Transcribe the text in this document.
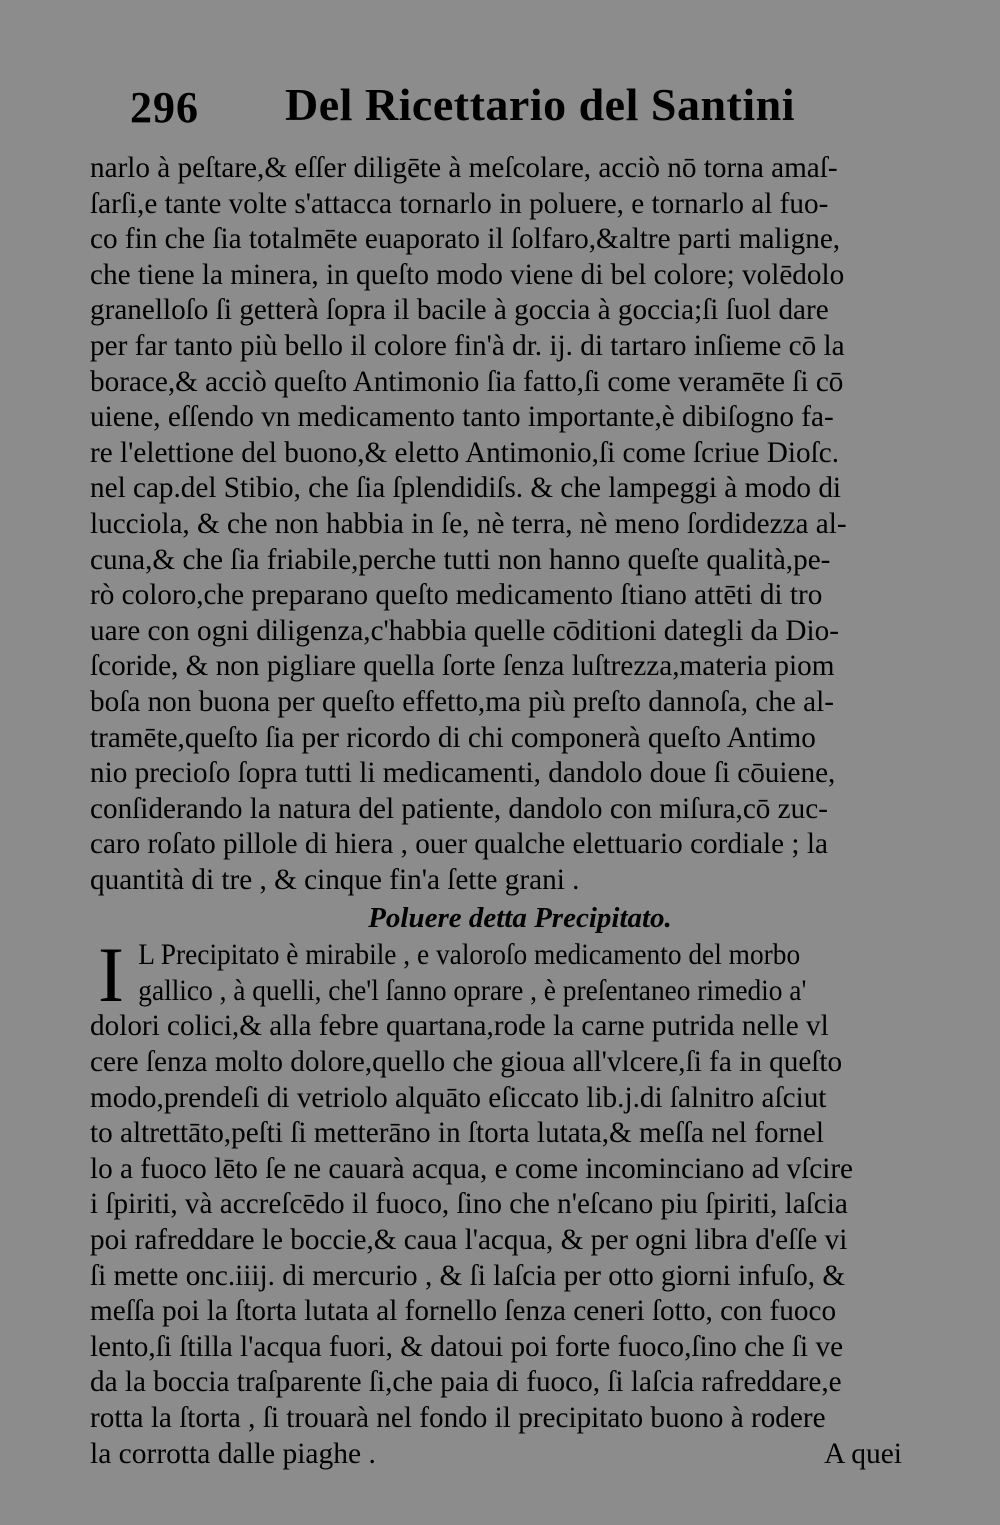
296 Del Ricettario del Santini
narlo à peſtare,& eſſer diligēte à meſcolare, acciò nō torna amaſ-
ſarſi,e tante volte s'attacca tornarlo in poluere, e tornarlo al fuo-
co fin che ſia totalmēte euaporato il ſolfaro,&altre parti maligne,
che tiene la minera, in queſto modo viene di bel colore; volēdolo
granelloſo ſi getterà ſopra il bacile à goccia à goccia;ſi ſuol dare
per far tanto più bello il colore fin'à dr. ij. di tartaro inſieme cō la
borace,& acciò queſto Antimonio ſia fatto,ſi come veramēte ſi cō
uiene, eſſendo vn medicamento tanto importante,è dibiſogno fa-
re l'elettione del buono,& eletto Antimonio,ſi come ſcriue Dioſc.
nel cap.del Stibio, che ſia ſplendidiſs. & che lampeggi à modo di
lucciola, & che non habbia in ſe, nè terra, nè meno ſordidezza al-
cuna,& che ſia friabile,perche tutti non hanno queſte qualità,pe-
rò coloro,che preparano queſto medicamento ſtiano attēti di tro
uare con ogni diligenza,c'habbia quelle cōditioni dategli da Dio-
ſcoride, & non pigliare quella ſorte ſenza luſtrezza,materia piom
boſa non buona per queſto effetto,ma più preſto dannoſa, che al-
tramēte,queſto ſia per ricordo di chi componerà queſto Antimo
nio precioſo ſopra tutti li medicamenti, dandolo doue ſi cōuiene,
conſiderando la natura del patiente, dandolo con miſura,cō zuc-
caro roſato pillole di hiera , ouer qualche elettuario cordiale ; la
quantità di tre , & cinque fin'a ſette grani .
Poluere detta Precipitato.
I L Precipitato è mirabile , e valoroſo medicamento del morbo
gallico , à quelli, che'l ſanno oprare , è preſentaneo rimedio a'
dolori colici,& alla febre quartana,rode la carne putrida nelle vl
cere ſenza molto dolore,quello che gioua all'vlcere,ſi fa in queſto
modo,prendeſi di vetriolo alquāto eſiccato lib.j.di ſalnitro aſciut
to altrettāto,peſti ſi metterāno in ſtorta lutata,& meſſa nel fornel
lo a fuoco lēto ſe ne cauarà acqua, e come incominciano ad vſcire
i ſpiriti, và accreſcēdo il fuoco, ſino che n'eſcano piu ſpiriti, laſcia
poi rafreddare le boccie,& caua l'acqua, & per ogni libra d'eſſe vi
ſi mette onc.iiij. di mercurio , & ſi laſcia per otto giorni infuſo, &
meſſa poi la ſtorta lutata al fornello ſenza ceneri ſotto, con fuoco
lento,ſi ſtilla l'acqua fuori, & datoui poi forte fuoco,ſino che ſi ve
da la boccia traſparente ſi,che paia di fuoco, ſi laſcia rafreddare,e
rotta la ſtorta , ſi trouarà nel fondo il precipitato buono à rodere
la corrotta dalle piaghe .	A quei
